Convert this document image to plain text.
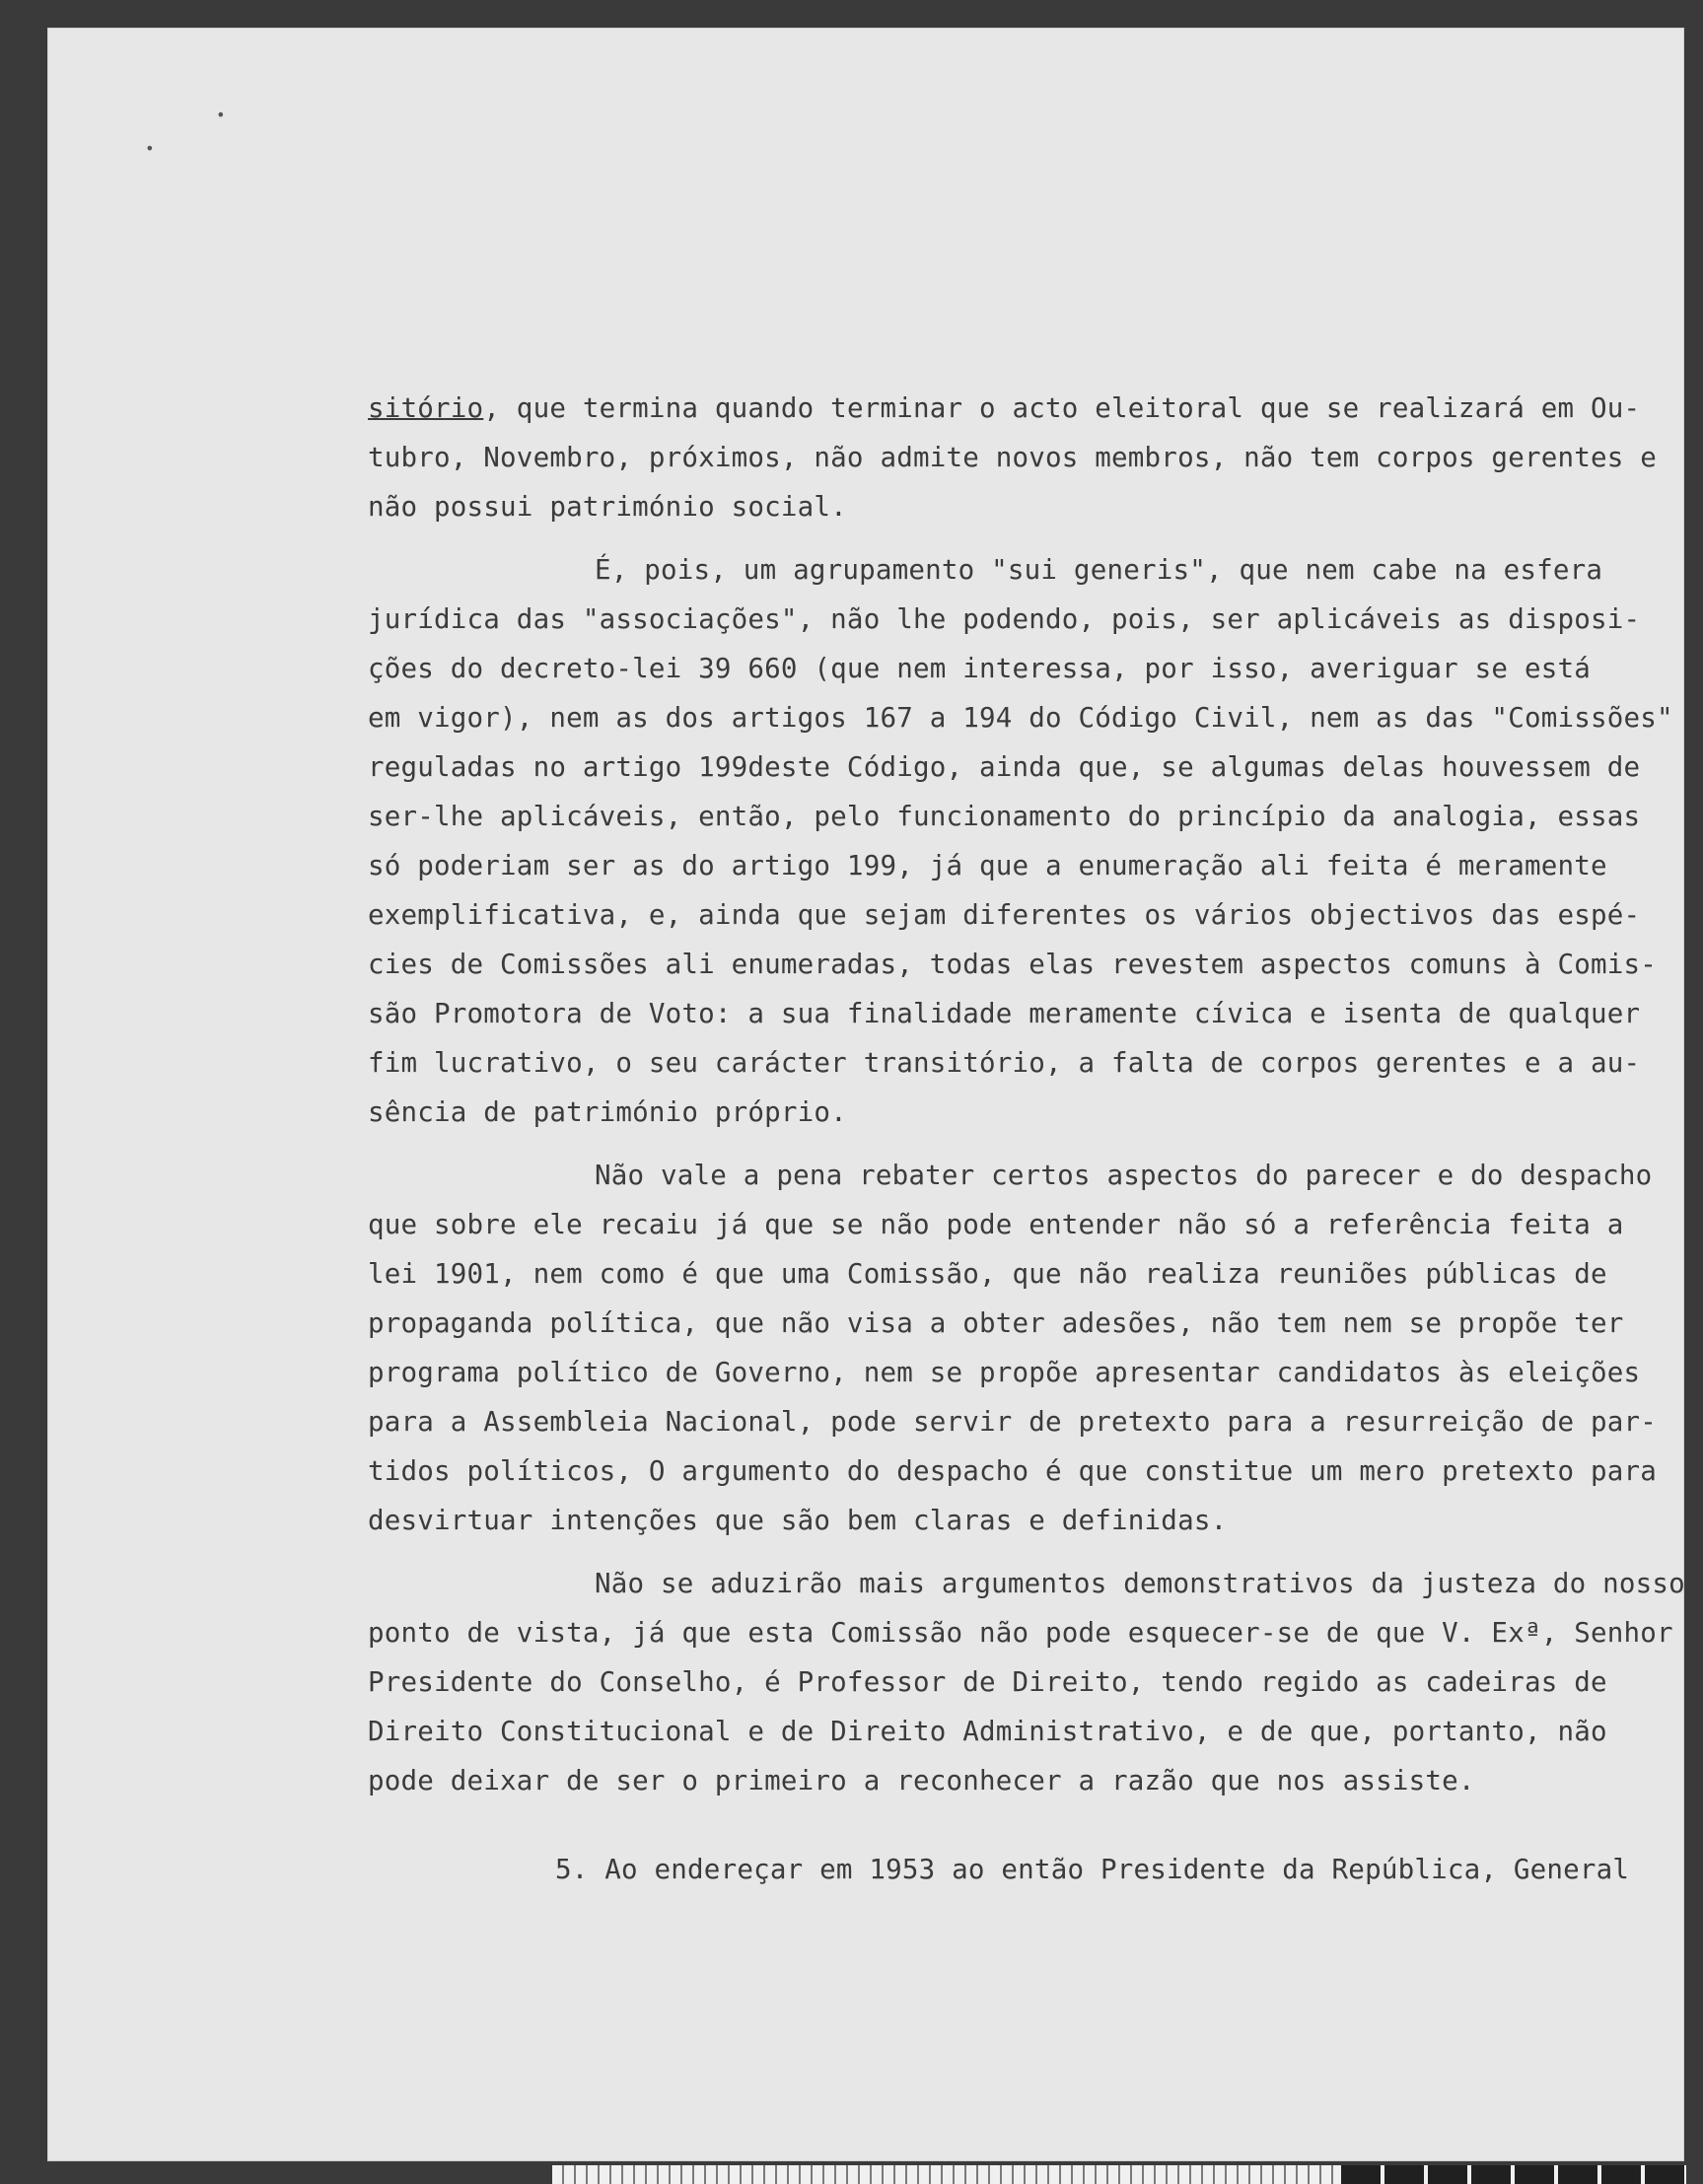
•
•
sitório, que termina quando terminar o acto eleitoral que se realizará em Ou-
tubro, Novembro, próximos, não admite novos membros, não tem corpos gerentes e
não possui património social.
É, pois, um agrupamento "sui generis", que nem cabe na esfera
jurídica das "associações", não lhe podendo, pois, ser aplicáveis as disposi-
ções do decreto-lei 39 660 (que nem interessa, por isso, averiguar se está
em vigor), nem as dos artigos 167 a 194 do Código Civil, nem as das "Comissões"
reguladas no artigo 199deste Código, ainda que, se algumas delas houvessem de
ser-lhe aplicáveis, então, pelo funcionamento do princípio da analogia, essas
só poderiam ser as do artigo 199, já que a enumeração ali feita é meramente
exemplificativa, e, ainda que sejam diferentes os vários objectivos das espé-
cies de Comissões ali enumeradas, todas elas revestem aspectos comuns à Comis-
são Promotora de Voto: a sua finalidade meramente cívica e isenta de qualquer
fim lucrativo, o seu carácter transitório, a falta de corpos gerentes e a au-
sência de património próprio.
Não vale a pena rebater certos aspectos do parecer e do despacho
que sobre ele recaiu já que se não pode entender não só a referência feita a
lei 1901, nem como é que uma Comissão, que não realiza reuniões públicas de
propaganda política, que não visa a obter adesões, não tem nem se propõe ter
programa político de Governo, nem se propõe apresentar candidatos às eleições
para a Assembleia Nacional, pode servir de pretexto para a resurreição de par-
tidos políticos, O argumento do despacho é que constitue um mero pretexto para
desvirtuar intenções que são bem claras e definidas.
Não se aduzirão mais argumentos demonstrativos da justeza do nosso
ponto de vista, já que esta Comissão não pode esquecer-se de que V. Exª, Senhor
Presidente do Conselho, é Professor de Direito, tendo regido as cadeiras de
Direito Constitucional e de Direito Administrativo, e de que, portanto, não
pode deixar de ser o primeiro a reconhecer a razão que nos assiste.
5. Ao endereçar em 1953 ao então Presidente da República, General
